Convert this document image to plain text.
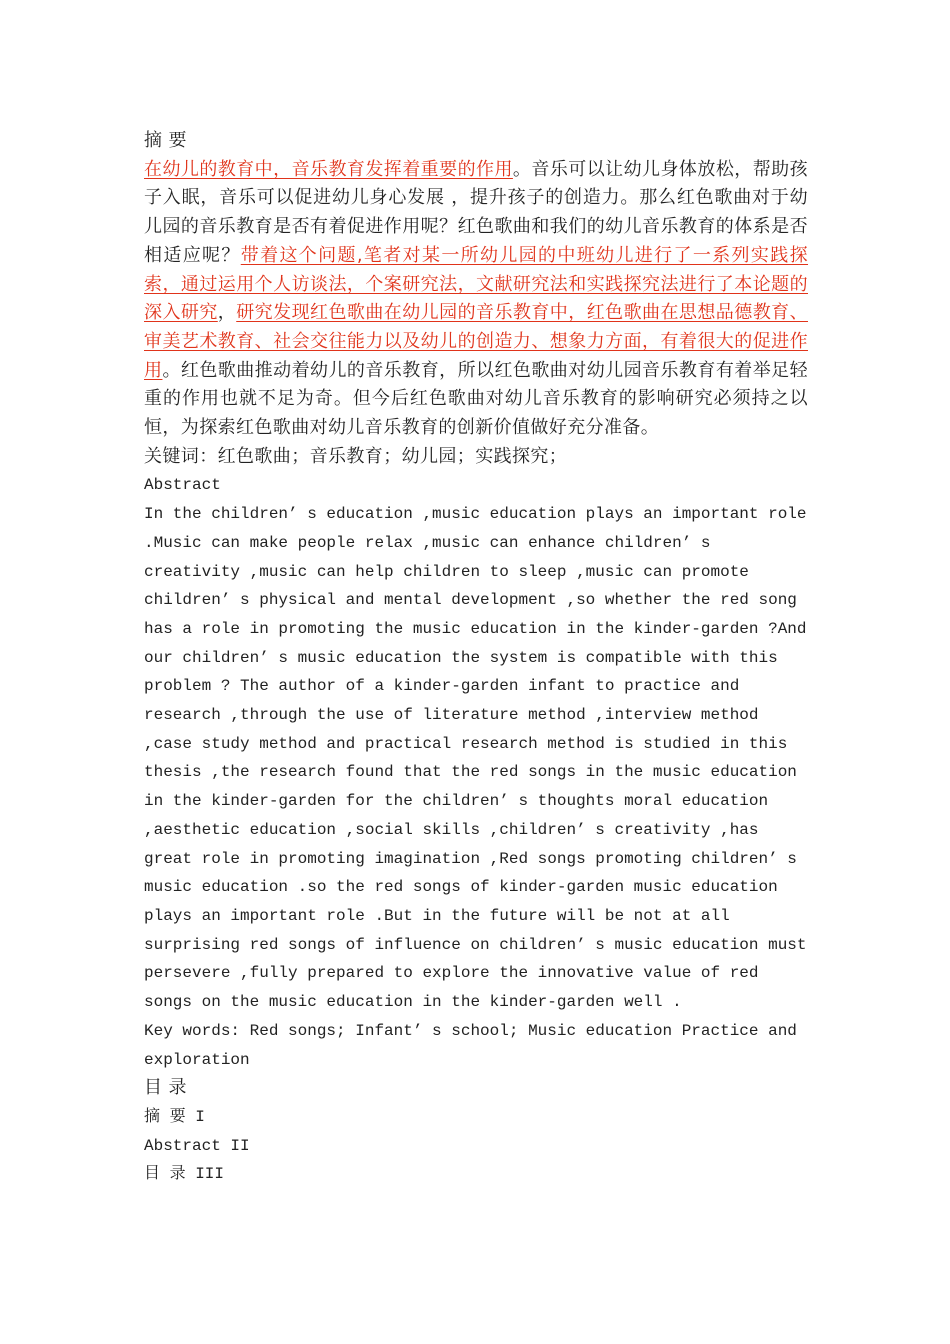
摘 要

在幼儿的教育中，音乐教育发挥着重要的作用。音乐可以让幼儿身体放松，帮助孩子入眠，音乐可以促进幼儿身心发展 ，提升孩子的创造力。那么红色歌曲对于幼儿园的音乐教育是否有着促进作用呢？红色歌曲和我们的幼儿音乐教育的体系是否相适应呢？带着这个问题,笔者对某一所幼儿园的中班幼儿进行了一系列实践探索，通过运用个人访谈法，个案研究法，文献研究法和实践探究法进行了本论题的深入研究，研究发现红色歌曲在幼儿园的音乐教育中，红色歌曲在思想品德教育、审美艺术教育、社会交往能力以及幼儿的创造力、想象力方面，有着很大的促进作用。红色歌曲推动着幼儿的音乐教育，所以红色歌曲对幼儿园音乐教育有着举足轻重的作用也就不足为奇。但今后红色歌曲对幼儿音乐教育的影响研究必须持之以恒，为探索红色歌曲对幼儿音乐教育的创新价值做好充分准备。

关键词：红色歌曲；音乐教育；幼儿园；实践探究；

Abstract

In the children’ s education ,music education plays an important role .Music can make people relax ,music can enhance children’ s creativity ,music can help children to sleep ,music can promote children’ s physical and mental development ,so whether the red song has a role in promoting the music education in the kinder-garden ?And our children’ s music education the system is compatible with this problem ? The author of a kinder-garden infant to practice and research ,through the use of literature method ,interview method ,case study method and practical research method is studied in this thesis ,the research found that the red songs in the music education in the kinder-garden for the children’ s thoughts moral education ,aesthetic education ,social skills ,children’ s creativity ,has great role in promoting imagination ,Red songs promoting children’ s music education .so the red songs of kinder-garden music education plays an important role .But in the future will be not at all surprising red songs of influence on children’ s music education must persevere ,fully prepared to explore the innovative value of red songs on the music education in the kinder-garden well .

Key words: Red songs; Infant’ s school; Music education Practice and exploration

目 录

摘 要 I

Abstract II

目 录 III
